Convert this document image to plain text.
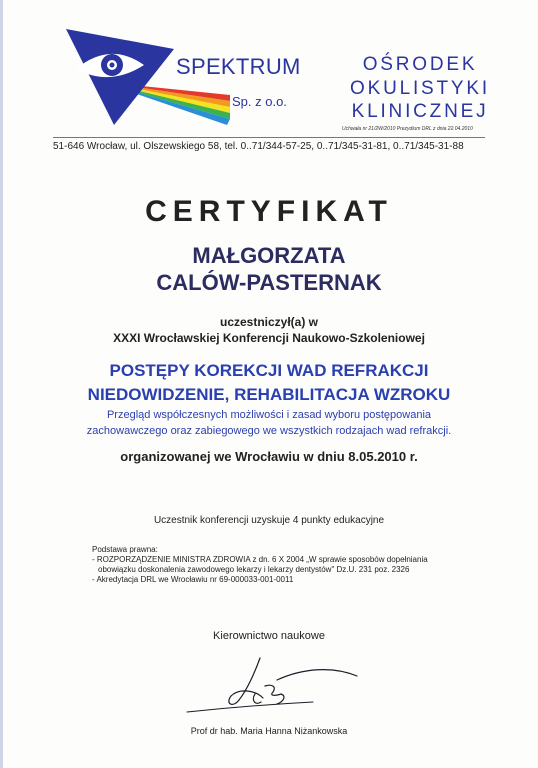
SPEKTRUM
Sp. z o.o.
OŚRODEK
OKULISTYKI
KLINICZNEJ
Uchwała nr 21/2W/2010 Prezydium DRL z dnia 22.04.2010
51-646 Wrocław, ul. Olszewskiego 58, tel. 0..71/344-57-25, 0..71/345-31-81, 0..71/345-31-88
CERTYFIKAT
MAŁGORZATA
CALÓW-PASTERNAK
uczestniczył(a) w
XXXI Wrocławskiej Konferencji Naukowo-Szkoleniowej
POSTĘPY KOREKCJI WAD REFRAKCJI
NIEDOWIDZENIE, REHABILITACJA WZROKU
Przegląd współczesnych możliwości i zasad wyboru postępowania
zachowawczego oraz zabiegowego we wszystkich rodzajach wad refrakcji.
organizowanej we Wrocławiu w dniu 8.05.2010 r.
Uczestnik konferencji uzyskuje 4 punkty edukacyjne
Podstawa prawna:
- ROZPORZĄDZENIE MINISTRA ZDROWIA z dn. 6 X 2004 „W sprawie sposobów dopełniania
obowiązku doskonalenia zawodowego lekarzy i lekarzy dentystów" Dz.U. 231 poz. 2326
- Akredytacja DRL we Wrocławiu nr 69-000033-001-0011
Kierownictwo naukowe
Prof dr hab. Maria Hanna Niżankowska
